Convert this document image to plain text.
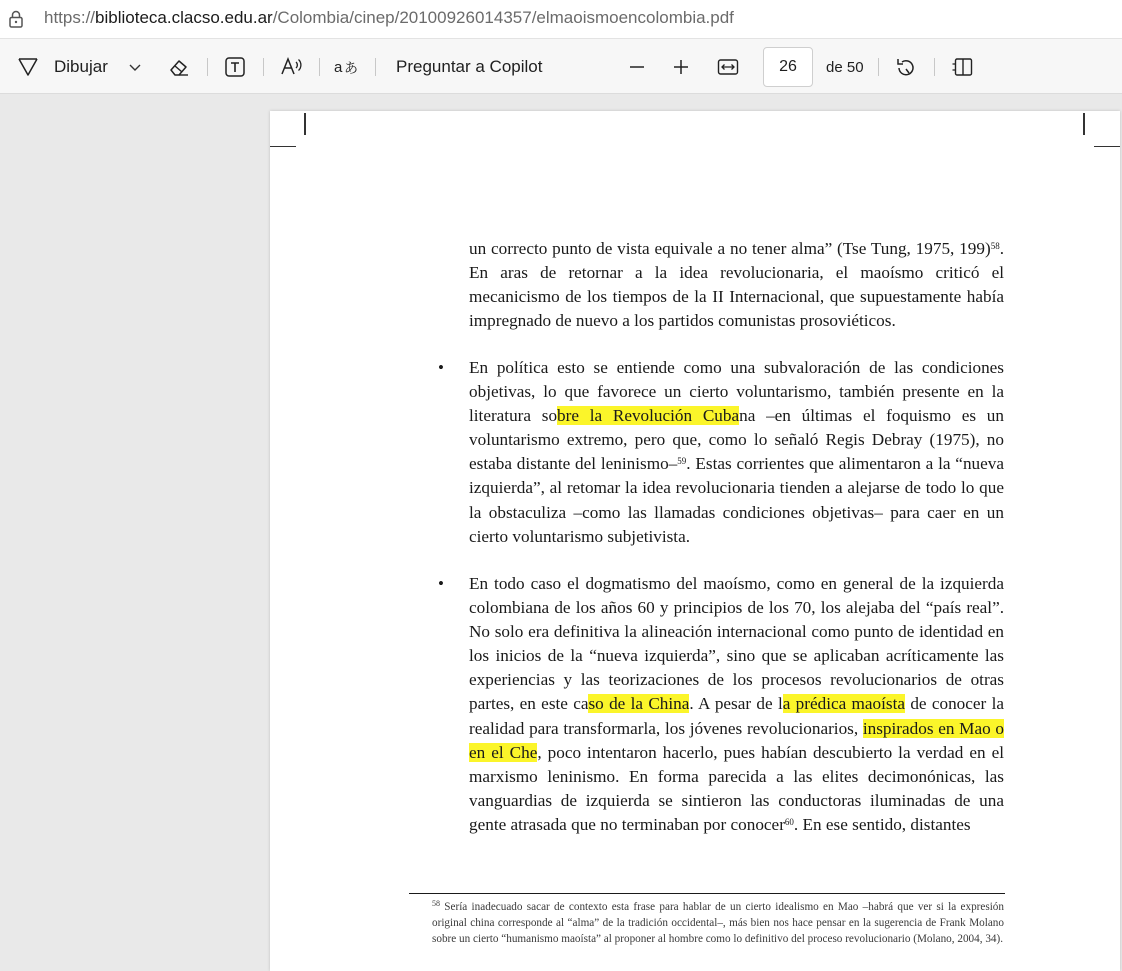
https://biblioteca.clacso.edu.ar/Colombia/cinep/20100926014357/elmaoismoencolombia.pdf
Dibujar	a あ Preguntar a Copilot	26	de 50

un correcto punto de vista equivale a no tener alma” (Tse Tung, 1975, 199)$^{58}$. En aras de retornar a la idea revolucionaria, el maoísmo criticó el mecanicismo de los tiempos de la II Internacional, que supuestamente había impregnado de nuevo a los partidos comunistas prosoviéticos.

• En política esto se entiende como una subvaloración de las condiciones objetivas, lo que favorece un cierto voluntarismo, también presente en la literatura sobre la Revolución Cubana –en últimas el foquismo es un voluntarismo extremo, pero que, como lo señaló Regis Debray (1975), no estaba distante del leninismo–$^{59}$. Estas corrientes que alimentaron a la “nueva izquierda”, al retomar la idea revolucionaria tienden a alejarse de todo lo que la obstaculiza –como las llamadas condiciones objetivas– para caer en un cierto voluntarismo subjetivista.

• En todo caso el dogmatismo del maoísmo, como en general de la izquierda colombiana de los años 60 y principios de los 70, los alejaba del “país real”. No solo era definitiva la alineación internacional como punto de identidad en los inicios de la “nueva izquierda”, sino que se aplicaban acríticamente las experiencias y las teorizaciones de los procesos revolucionarios de otras partes, en este caso de la China. A pesar de la prédica maoísta de conocer la realidad para transformarla, los jóvenes revolucionarios, inspirados en Mao o en el Che, poco intentaron hacerlo, pues habían descubierto la verdad en el marxismo leninismo. En forma parecida a las elites decimonónicas, las vanguardias de izquierda se sintieron las conductoras iluminadas de una gente atrasada que no terminaban por conocer$^{60}$. En ese sentido, distantes

$^{58}$ Sería inadecuado sacar de contexto esta frase para hablar de un cierto idealismo en Mao –habrá que ver si la expresión original china corresponde al “alma” de la tradición occidental–, más bien nos hace pensar en la sugerencia de Frank Molano sobre un cierto “humanismo maoísta” al proponer al hombre como lo definitivo del proceso revolucionario (Molano, 2004, 34).
